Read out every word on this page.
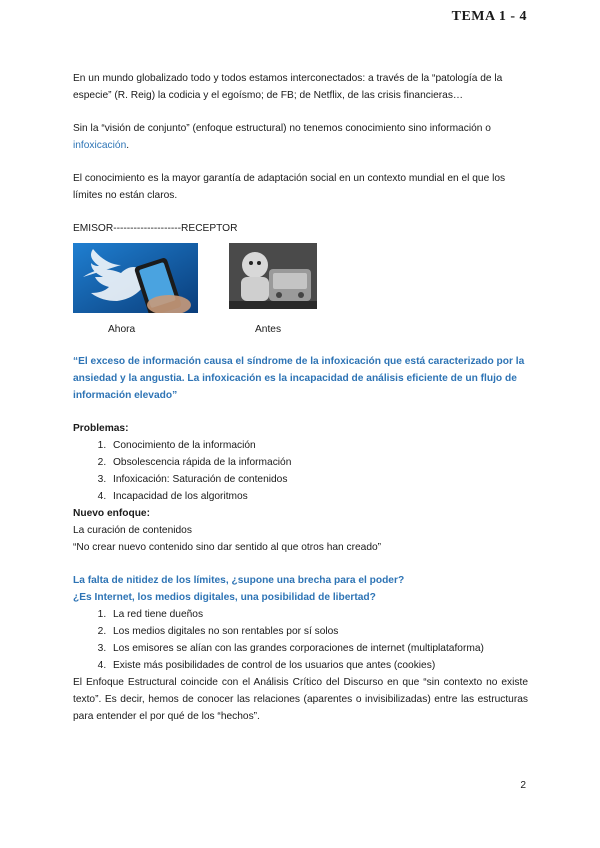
TEMA 1 - 4

En un mundo globalizado todo y todos estamos interconectados: a través de la “patología de la especie” (R. Reig) la codicia y el egoísmo; de FB; de Netflix, de las crisis financieras…

Sin la “visión de conjunto” (enfoque estructural) no tenemos conocimiento sino información o infoxicación.

El conocimiento es la mayor garantía de adaptación social en un contexto mundial en el que los límites no están claros.

EMISOR--------------------RECEPTOR

Ahora	Antes

“El exceso de información causa el síndrome de la infoxicación que está caracterizado por la ansiedad y la angustia. La infoxicación es la incapacidad de análisis eficiente de un flujo de información elevado”

Problemas:

1. Conocimiento de la información
2. Obsolescencia rápida de la información
3. Infoxicación: Saturación de contenidos
4. Incapacidad de los algoritmos

Nuevo enfoque:

La curación de contenidos

“No crear nuevo contenido sino dar sentido al que otros han creado”

La falta de nitidez de los límites, ¿supone una brecha para el poder?

¿Es Internet, los medios digitales, una posibilidad de libertad?

1. La red tiene dueños
2. Los medios digitales no son rentables por sí solos
3. Los emisores se alían con las grandes corporaciones de internet (multiplataforma)
4. Existe más posibilidades de control de los usuarios que antes (cookies)

El Enfoque Estructural coincide con el Análisis Crítico del Discurso en que “sin contexto no existe texto”. Es decir, hemos de conocer las relaciones (aparentes o invisibilizadas) entre las estructuras para entender el por qué de los “hechos”.

2
